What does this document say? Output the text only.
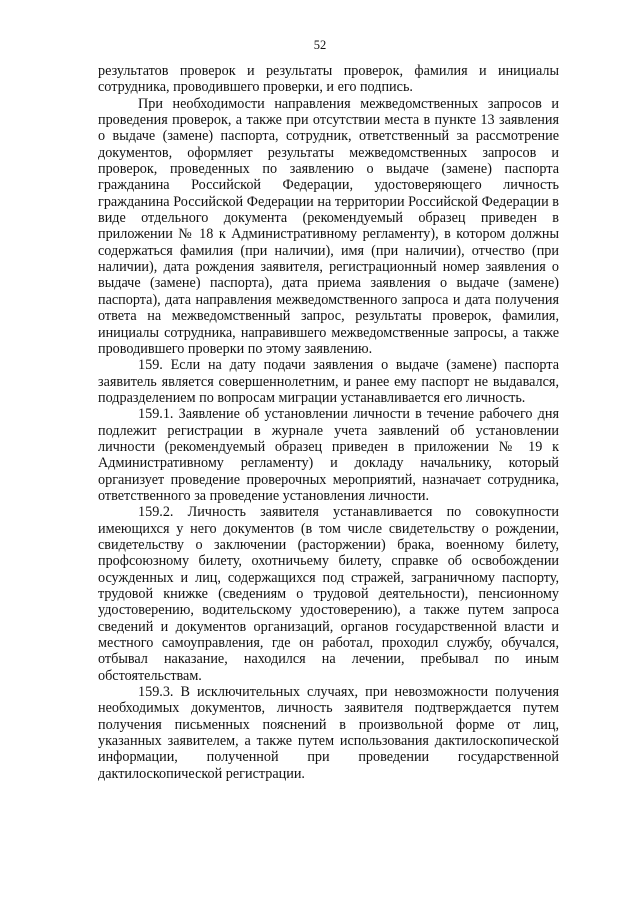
52

результатов проверок и результаты проверок, фамилия и инициалы сотрудника, проводившего проверки, и его подпись.

При необходимости направления межведомственных запросов и проведения проверок, а также при отсутствии места в пункте 13 заявления о выдаче (замене) паспорта, сотрудник, ответственный за рассмотрение документов, оформляет результаты межведомственных запросов и проверок, проведенных по заявлению о выдаче (замене) паспорта гражданина Российской Федерации, удостоверяющего личность гражданина Российской Федерации на территории Российской Федерации в виде отдельного документа (рекомендуемый образец приведен в приложении № 18 к Административному регламенту), в котором должны содержаться фамилия (при наличии), имя (при наличии), отчество (при наличии), дата рождения заявителя, регистрационный номер заявления о выдаче (замене) паспорта), дата приема заявления о выдаче (замене) паспорта), дата направления межведомственного запроса и дата получения ответа на межведомственный запрос, результаты проверок, фамилия, инициалы сотрудника, направившего межведомственные запросы, а также проводившего проверки по этому заявлению.

159. Если на дату подачи заявления о выдаче (замене) паспорта заявитель является совершеннолетним, и ранее ему паспорт не выдавался, подразделением по вопросам миграции устанавливается его личность.

159.1. Заявление об установлении личности в течение рабочего дня подлежит регистрации в журнале учета заявлений об установлении личности (рекомендуемый образец приведен в приложении № 19 к Административному регламенту) и докладу начальнику, который организует проведение проверочных мероприятий, назначает сотрудника, ответственного за проведение установления личности.

159.2. Личность заявителя устанавливается по совокупности имеющихся у него документов (в том числе свидетельству о рождении, свидетельству о заключении (расторжении) брака, военному билету, профсоюзному билету, охотничьему билету, справке об освобождении осужденных и лиц, содержащихся под стражей, заграничному паспорту, трудовой книжке (сведениям о трудовой деятельности), пенсионному удостоверению, водительскому удостоверению), а также путем запроса сведений и документов организаций, органов государственной власти и местного самоуправления, где он работал, проходил службу, обучался, отбывал наказание, находился на лечении, пребывал по иным обстоятельствам.

159.3. В исключительных случаях, при невозможности получения необходимых документов, личность заявителя подтверждается путем получения письменных пояснений в произвольной форме от лиц, указанных заявителем, а также путем использования дактилоскопической информации, полученной при проведении государственной дактилоскопической регистрации.
